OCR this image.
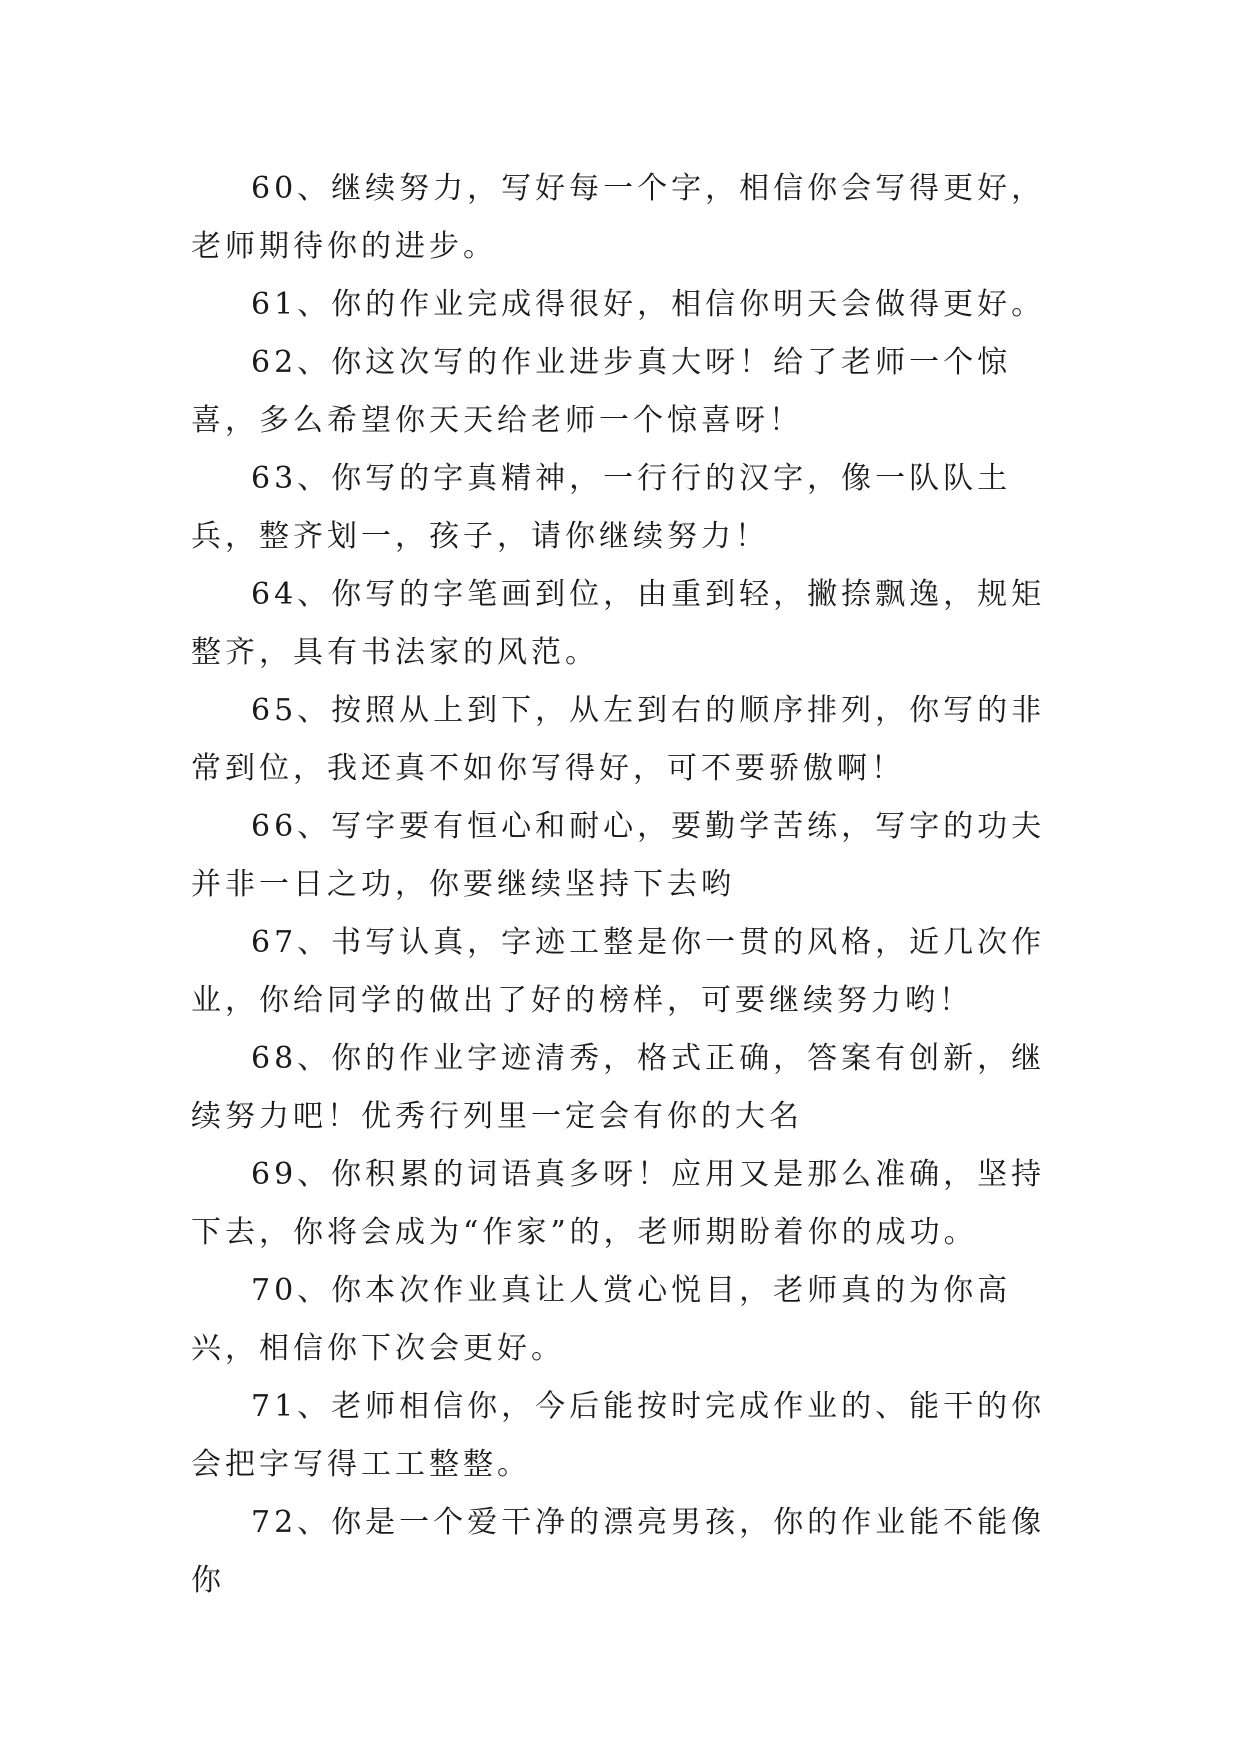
60、继续努力，写好每一个字，相信你会写得更好，老师期待你的进步。

61、你的作业完成得很好，相信你明天会做得更好。

62、你这次写的作业进步真大呀！给了老师一个惊喜，多么希望你天天给老师一个惊喜呀！

63、你写的字真精神，一行行的汉字，像一队队土兵，整齐划一，孩子，请你继续努力！

64、你写的字笔画到位，由重到轻，撇捺飘逸，规矩整齐，具有书法家的风范。

65、按照从上到下，从左到右的顺序排列，你写的非常到位，我还真不如你写得好，可不要骄傲啊！

66、写字要有恒心和耐心，要勤学苦练，写字的功夫并非一日之功，你要继续坚持下去哟

67、书写认真，字迹工整是你一贯的风格，近几次作业，你给同学的做出了好的榜样，可要继续努力哟！

68、你的作业字迹清秀，格式正确，答案有创新，继续努力吧！优秀行列里一定会有你的大名

69、你积累的词语真多呀！应用又是那么准确，坚持下去，你将会成为“作家”的，老师期盼着你的成功。

70、你本次作业真让人赏心悦目，老师真的为你高兴，相信你下次会更好。

71、老师相信你，今后能按时完成作业的、能干的你会把字写得工工整整。

72、你是一个爱干净的漂亮男孩，你的作业能不能像你
